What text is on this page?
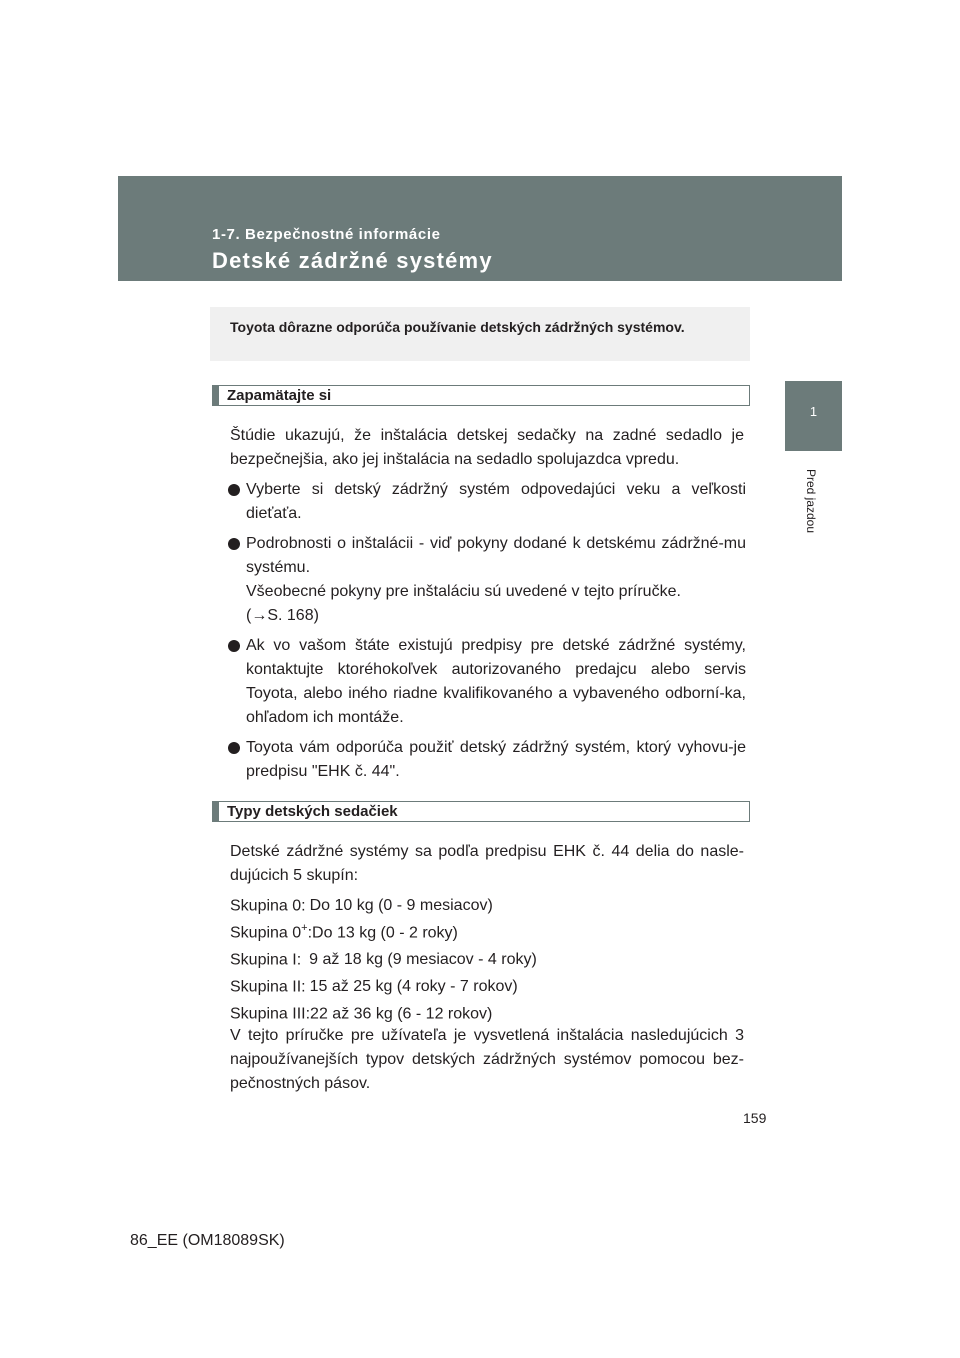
1-7. Bezpečnostné informácie
Detské zádržné systémy
Toyota dôrazne odporúča používanie detských zádržných systémov.
Zapamätajte si
Štúdie ukazujú, že inštalácia detskej sedačky na zadné sedadlo je bezpečnejšia, ako jej inštalácia na sedadlo spolujazdca vpredu.
Vyberte si detský zádržný systém odpovedajúci veku a veľkosti dieťaťa.
Podrobnosti o inštalácii - viď pokyny dodané k detskému zádržné-mu systému.
Všeobecné pokyny pre inštaláciu sú uvedené v tejto príručke.
(→S. 168)
Ak vo vašom štáte existujú predpisy pre detské zádržné systémy, kontaktujte ktoréhokoľvek autorizovaného predajcu alebo servis Toyota, alebo iného riadne kvalifikovaného a vybaveného odborní-ka, ohľadom ich montáže.
Toyota vám odporúča použiť detský zádržný systém, ktorý vyhovu-je predpisu "EHK č. 44".
Typy detských sedačiek
Detské zádržné systémy sa podľa predpisu EHK č. 44 delia do nasle-dujúcich 5 skupín:
Skupina 0: Do 10 kg (0 - 9 mesiacov)
Skupina 0+:Do 13 kg (0 - 2 roky)
Skupina I: 9 až 18 kg (9 mesiacov - 4 roky)
Skupina II: 15 až 25 kg (4 roky - 7 rokov)
Skupina III:22 až 36 kg (6 - 12 rokov)
V tejto príručke pre užívateľa je vysvetlená inštalácia nasledujúcich 3 najpoužívanejších typov detských zádržných systémov pomocou bez-pečnostných pásov.
1
Pred jazdou
159
86_EE (OM18089SK)
